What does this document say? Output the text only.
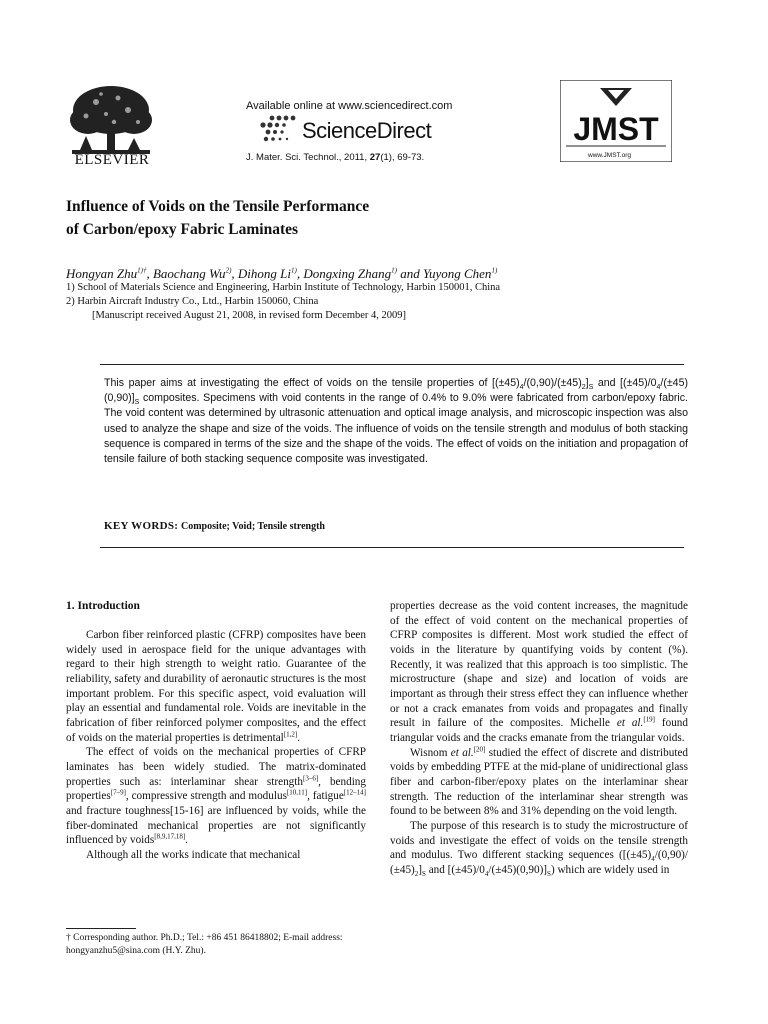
ELSEVIER
Available online at www.sciencedirect.com
ScienceDirect
J. Mater. Sci. Technol., 2011, 27(1), 69-73.
JMST
www.JMST.org
Influence of Voids on the Tensile Performance
of Carbon/epoxy Fabric Laminates
Hongyan Zhu$^{1)\dagger}$, Baochang Wu$^{2)}$, Dihong Li$^{1)}$, Dongxing Zhang$^{1)}$ and Yuyong Chen$^{1)}$
1) School of Materials Science and Engineering, Harbin Institute of Technology, Harbin 150001, China
2) Harbin Aircraft Industry Co., Ltd., Harbin 150060, China
[Manuscript received August 21, 2008, in revised form December 4, 2009]
This paper aims at investigating the effect of voids on the tensile properties of $[(\pm 45)_4/(0,90)/(\pm 45)_2]_S$ and $[(\pm 45)/0_4/(\pm 45)(0,90)]_S$ composites. Specimens with void contents in the range of 0.4% to 9.0% were fabricated from carbon/epoxy fabric. The void content was determined by ultrasonic attenuation and optical image analysis, and microscopic inspection was also used to analyze the shape and size of the voids. The influence of voids on the tensile strength and modulus of both stacking sequence is compared in terms of the size and the shape of the voids. The effect of voids on the initiation and propagation of tensile failure of both stacking sequence composite was investigated.
KEY WORDS: Composite; Void; Tensile strength
1. Introduction

Carbon fiber reinforced plastic (CFRP) composites have been widely used in aerospace field for the unique advantages with regard to their high strength to weight ratio. Guarantee of the reliability, safety and durability of aeronautic structures is the most important problem. For this specific aspect, void evaluation will play an essential and fundamental role. Voids are inevitable in the fabrication of fiber reinforced polymer composites, and the effect of voids on the material properties is detrimental[1,2].

The effect of voids on the mechanical properties of CFRP laminates has been widely studied. The matrix-dominated properties such as: interlaminar shear strength[3–6], bending properties[7–9], compressive strength and modulus[10,11], fatigue[12–14] and fracture toughness[15-16] are influenced by voids, while the fiber-dominated mechanical properties are not significantly influenced by voids[8,9,17,18].

Although all the works indicate that mechanical

properties decrease as the void content increases, the magnitude of the effect of void content on the mechanical properties of CFRP composites is different. Most work studied the effect of voids in the literature by quantifying voids by content (%). Recently, it was realized that this approach is too simplistic. The microstructure (shape and size) and location of voids are important as through their stress effect they can influence whether or not a crack emanates from voids and propagates and finally result in failure of the composites. Michelle et al.[19] found triangular voids and the cracks emanate from the triangular voids.

Wisnom et al.[20] studied the effect of discrete and distributed voids by embedding PTFE at the mid-plane of unidirectional glass fiber and carbon-fiber/epoxy plates on the interlaminar shear strength. The reduction of the interlaminar shear strength was found to be between 8% and 31% depending on the void length.

The purpose of this research is to study the microstructure of voids and investigate the effect of voids on the tensile strength and modulus. Two different stacking sequences ([$(\pm 45)_4/(0,90)/$ $(\pm 45)_2]_S$ and $[(\pm 45)/0_4/(\pm 45)(0,90)]_S$) which are widely used in

† Corresponding author. Ph.D.; Tel.: +86 451 86418802; E-mail address: hongyanzhu5@sina.com (H.Y. Zhu).
